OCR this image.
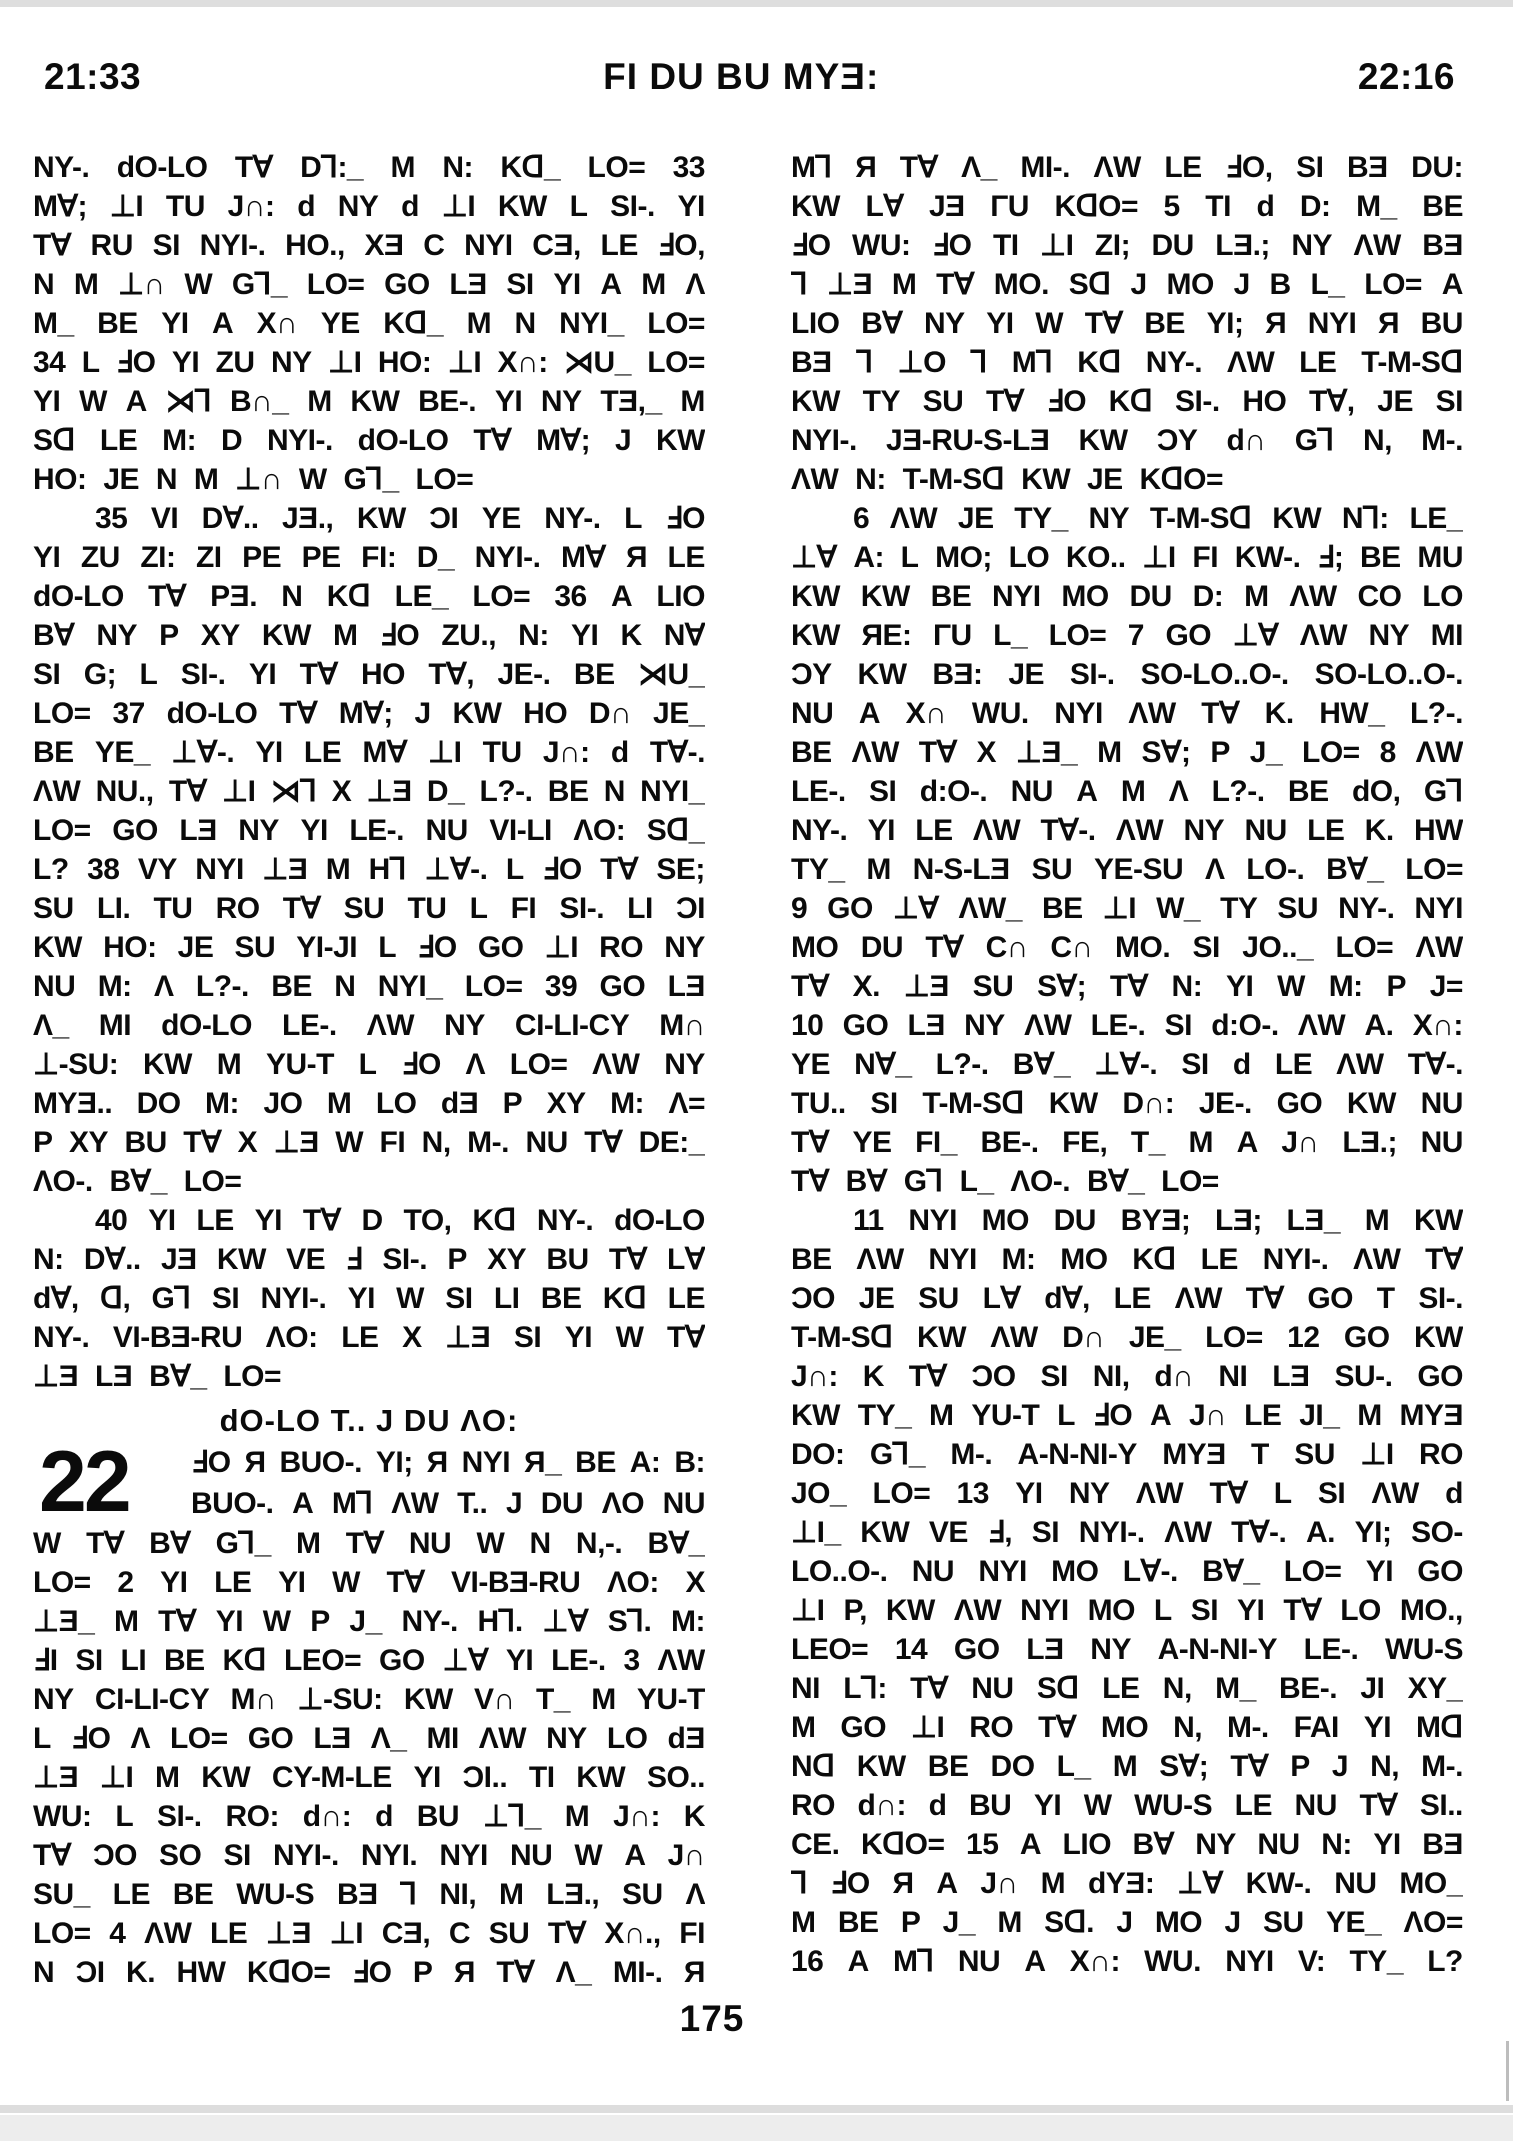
21:33	FI DU BU MYƎ:	22:16
NY-. dO-LO T∀ D⅂:_ M N: Kᗡ_ LO= 33
M∀; ⊥I TU J∩: d NY d ⊥I KW L SI-. YI
T∀ RU SI NYI-. HO., XƎ C NYI CƎ, LE ℲO,
N M ⊥∩ W G⅂_ LO= GO LƎ SI YI A M Λ
M_ BE YI A X∩ YE Kᗡ_ M N NYI_ LO=
34 L ℲO YI ZU NY ⊥I HO: ⊥I X∩: ⋊U_ LO=
YI W A ⋊⅂ B∩_ M KW BE-. YI NY TƎ,_ M
Sᗡ LE M: D NYI-. dO-LO T∀ M∀; J KW
HO: JE N M ⊥∩ W G⅂_ LO=
35 VI D∀.. JƎ., KW ƆI YE NY-. L ℲO
YI ZU ZI: ZI PE PE FI: D_ NYI-. M∀ Я LE
dO-LO T∀ PƎ. N Kᗡ LE_ LO= 36 A LIO
B∀ NY P XY KW M ℲO ZU., N: YI K N∀
SI G; L SI-. YI T∀ HO T∀, JE-. BE ⋊U_
LO= 37 dO-LO T∀ M∀; J KW HO D∩ JE_
BE YE_ ⊥∀-. YI LE M∀ ⊥I TU J∩: d T∀-.
ΛW NU., T∀ ⊥I ⋊⅂ X ⊥Ǝ D_ L?-. BE N NYI_
LO= GO LƎ NY YI LE-. NU VI-LI ΛO: Sᗡ_
L? 38 VY NYI ⊥Ǝ M H⅂ ⊥∀-. L ℲO T∀ SE;
SU LI. TU RO T∀ SU TU L FI SI-. LI ƆI
KW HO: JE SU YI-JI L ℲO GO ⊥I RO NY
NU M: Λ L?-. BE N NYI_ LO= 39 GO LƎ
Λ_ MI dO-LO LE-. ΛW NY CI-LI-CY M∩
⊥-SU: KW M YU-T L ℲO Λ LO= ΛW NY
MYƎ.. DO M: JO M LO dƎ P XY M: Λ=
P XY BU T∀ X ⊥Ǝ W FI N, M-. NU T∀ DE:_
ΛO-. B∀_ LO=
40 YI LE YI T∀ D TO, Kᗡ NY-. dO-LO
N: D∀.. JƎ KW VE Ⅎ SI-. P XY BU T∀ L∀
d∀, ᗡ, G⅂ SI NYI-. YI W SI LI BE Kᗡ LE
NY-. VI-BƎ-RU ΛO: LE X ⊥Ǝ SI YI W T∀
⊥Ǝ LƎ B∀_ LO=
dO-LO T.. J DU ΛO:
22	ℲO Я BUO-. YI; Я NYI Я_ BE A: B:
BUO-. A M⅂ ΛW T.. J DU ΛO NU
W T∀ B∀ G⅂_ M T∀ NU W N N,-. B∀_
LO= 2 YI LE YI W T∀ VI-BƎ-RU ΛO: X
⊥Ǝ_ M T∀ YI W P J_ NY-. H⅂. ⊥∀ S⅂. M:
ℲI SI LI BE Kᗡ LEO= GO ⊥∀ YI LE-. 3 ΛW
NY CI-LI-CY M∩ ⊥-SU: KW V∩ T_ M YU-T
L ℲO Λ LO= GO LƎ Λ_ MI ΛW NY LO dƎ
⊥Ǝ ⊥I M KW CY-M-LE YI ƆI.. TI KW SO..
WU: L SI-. RO: d∩: d BU ⊥⅂_ M J∩: K
T∀ ƆO SO SI NYI-. NYI. NYI NU W A J∩
SU_ LE BE WU-S BƎ ⅂ NI, M LƎ., SU Λ
LO= 4 ΛW LE ⊥Ǝ ⊥I CƎ, C SU T∀ X∩., FI
N ƆI K. HW KᗡO= ℲO P Я T∀ Λ_ MI-. Я
M⅂ Я T∀ Λ_ MI-. ΛW LE ℲO, SI BƎ DU:
KW L∀ JƎ ΓU KᗡO= 5 TI d D: M_ BE
ℲO WU: ℲO TI ⊥I ZI; DU LƎ.; NY ΛW BƎ
⅂ ⊥Ǝ M T∀ MO. Sᗡ J MO J B L_ LO= A
LIO B∀ NY YI W T∀ BE YI; Я NYI Я BU
BƎ ⅂ ⊥O ⅂ M⅂ Kᗡ NY-. ΛW LE T-M-Sᗡ
KW TY SU T∀ ℲO Kᗡ SI-. HO T∀, JE SI
NYI-. JƎ-RU-S-LƎ KW ƆY d∩ G⅂ N, M-.
ΛW N: T-M-Sᗡ KW JE KᗡO=
6 ΛW JE TY_ NY T-M-Sᗡ KW N⅂: LE_
⊥∀ A: L MO; LO KO.. ⊥I FI KW-. Ⅎ; BE MU
KW KW BE NYI MO DU D: M ΛW CO LO
KW ЯE: ΓU L_ LO= 7 GO ⊥∀ ΛW NY MI
ƆY KW BƎ: JE SI-. SO-LO..O-. SO-LO..O-.
NU A X∩ WU. NYI ΛW T∀ K. HW_ L?-.
BE ΛW T∀ X ⊥Ǝ_ M S∀; P J_ LO= 8 ΛW
LE-. SI d:O-. NU A M Λ L?-. BE dO, G⅂
NY-. YI LE ΛW T∀-. ΛW NY NU LE K. HW
TY_ M N-S-LƎ SU YE-SU Λ LO-. B∀_ LO=
9 GO ⊥∀ ΛW_ BE ⊥I W_ TY SU NY-. NYI
MO DU T∀ C∩ C∩ MO. SI JO.._ LO= ΛW
T∀ X. ⊥Ǝ SU S∀; T∀ N: YI W M: P J=
10 GO LƎ NY ΛW LE-. SI d:O-. ΛW A. X∩:
YE N∀_ L?-. B∀_ ⊥∀-. SI d LE ΛW T∀-.
TU.. SI T-M-Sᗡ KW D∩: JE-. GO KW NU
T∀ YE FI_ BE-. FE, T_ M A J∩ LƎ.; NU
T∀ B∀ G⅂ L_ ΛO-. B∀_ LO=
11 NYI MO DU BYƎ; LƎ; LƎ_ M KW
BE ΛW NYI M: MO Kᗡ LE NYI-. ΛW T∀
ƆO JE SU L∀ d∀, LE ΛW T∀ GO T SI-.
T-M-Sᗡ KW ΛW D∩ JE_ LO= 12 GO KW
J∩: K T∀ ƆO SI NI, d∩ NI LƎ SU-. GO
KW TY_ M YU-T L ℲO A J∩ LE JI_ M MYƎ
DO: G⅂_ M-. A-N-NI-Y MYƎ T SU ⊥I RO
JO_ LO= 13 YI NY ΛW T∀ L SI ΛW d
⊥I_ KW VE Ⅎ, SI NYI-. ΛW T∀-. A. YI; SO-
LO..O-. NU NYI MO L∀-. B∀_ LO= YI GO
⊥I P, KW ΛW NYI MO L SI YI T∀ LO MO.,
LEO= 14 GO LƎ NY A-N-NI-Y LE-. WU-S
NI L⅂: T∀ NU Sᗡ LE N, M_ BE-. JI XY_
M GO ⊥I RO T∀ MO N, M-. FAI YI Mᗡ
Nᗡ KW BE DO L_ M S∀; T∀ P J N, M-.
RO d∩: d BU YI W WU-S LE NU T∀ SI..
CE. KᗡO= 15 A LIO B∀ NY NU N: YI BƎ
⅂ ℲO Я A J∩ M dYƎ: ⊥∀ KW-. NU MO_
M BE P J_ M Sᗡ. J MO J SU YE_ ΛO=
16 A M⅂ NU A X∩: WU. NYI V: TY_ L?
175
